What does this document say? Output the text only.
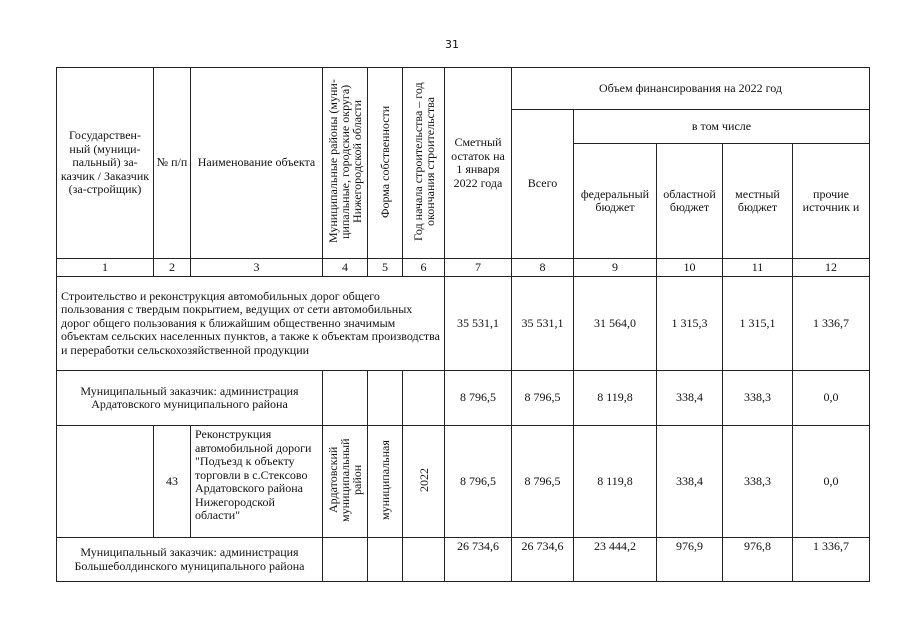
31
Государствен-ный (муници-пальный) за-казчик / Заказчик (за-стройщик)	№ п/п	Наименование объекта	Муниципальные районы (муни-ципальные, городские округа) Нижегородской области	Форма собственности	Год начала строительства – год окончания строительства	Сметный остаток на 1 января 2022 года	Объем финансирования на 2022 год				
							Всего	в том числе			
								федеральный бюджет	областной бюджет	местный бюджет	прочие источник и
1	2	3	4	5	6	7	8	9	10	11	12
Строительство и реконструкция автомобильных дорог общего пользования с твердым покрытием, ведущих от сети автомобильных дорог общего пользования к ближайшим общественно значимым объектам сельских населенных пунктов, а также к объектам производства и переработки сельскохозяйственной продукции						35 531,1	35 531,1	31 564,0	1 315,3	1 315,1	1 336,7
Муниципальный заказчик: администрация Ардатовского муниципального района						8 796,5	8 796,5	8 119,8	338,4	338,3	0,0
	43	Реконструкция автомобильной дороги "Подъезд к объекту торговли в с.Стексово Ардатовского района Нижегородской области"	Ардатовский муниципальный район	муниципальная	2022	8 796,5	8 796,5	8 119,8	338,4	338,3	0,0
Муниципальный заказчик: администрация Большеболдинского муниципального района						26 734,6	26 734,6	23 444,2	976,9	976,8	1 336,7
